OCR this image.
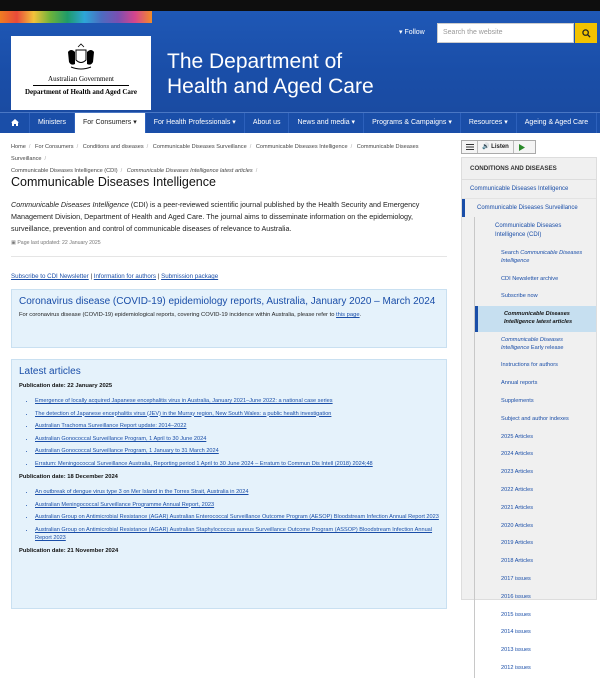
Australian Government
Department of Health and Aged Care
The Department of
Health and Aged Care
▾ Follow	Search the website
Ministers	For Consumers ▾	For Health Professionals ▾	About us	News and media ▾	Programs & Campaigns ▾	Resources ▾	Ageing & Aged Care
Home / For Consumers / Conditions and diseases / Communicable Diseases Surveillance / Communicable Diseases Intelligence / Communicable Diseases Surveillance /
Communicable Diseases Intelligence (CDI) / Communicable Diseases Intelligence latest articles /
🔊 Listen
Communicable Diseases Intelligence
Communicable Diseases Intelligence (CDI) is a peer-reviewed scientific journal published by the Health Security and Emergency Management Division, Department of Health and Aged Care. The journal aims to disseminate information on the epidemiology, surveillance, prevention and control of communicable diseases of relevance to Australia.
▣ Page last updated: 22 January 2025
Subscribe to CDI Newsletter | Information for authors | Submission package
Coronavirus disease (COVID-19) epidemiology reports, Australia, January 2020 – March 2024
For coronavirus disease (COVID-19) epidemiological reports, covering COVID-19 incidence within Australia, please refer to this page.
Latest articles
Publication date: 22 January 2025
• Emergence of locally acquired Japanese encephalitis virus in Australia, January 2021–June 2022: a national case series
• The detection of Japanese encephalitis virus (JEV) in the Murray region, New South Wales: a public health investigation
• Australian Trachoma Surveillance Report update: 2014–2022
• Australian Gonococcal Surveillance Program, 1 April to 30 June 2024
• Australian Gonococcal Surveillance Program, 1 January to 31 March 2024
• Erratum: Meningococcal Surveillance Australia, Reporting period 1 April to 30 June 2024 – Erratum to Commun Dis Intell (2018) 2024;48
Publication date: 18 December 2024
• An outbreak of dengue virus type 3 on Mer Island in the Torres Strait, Australia in 2024
• Australian Meningococcal Surveillance Programme Annual Report, 2023
• Australian Group on Antimicrobial Resistance (AGAR) Australian Enterococcal Surveillance Outcome Program (AESOP) Bloodstream Infection Annual Report 2023
• Australian Group on Antimicrobial Resistance (AGAR) Australian Staphylococcus aureus Surveillance Outcome Program (ASSOP) Bloodstream Infection Annual Report 2023
Publication date: 21 November 2024
CONDITIONS AND DISEASES
Communicable Diseases Intelligence
Communicable Diseases Surveillance
Communicable Diseases Intelligence (CDI)
Search Communicable Diseases Intelligence
CDI Newsletter archive
Subscribe now
Communicable Diseases Intelligence latest articles
Communicable Diseases Intelligence Early release
Instructions for authors
Annual reports
Supplements
Subject and author indexes
2025 Articles
2024 Articles
2023 Articles
2022 Articles
2021 Articles
2020 Articles
2019 Articles
2018 Articles
2017 issues
2016 issues
2015 issues
2014 issues
2013 issues
2012 issues
